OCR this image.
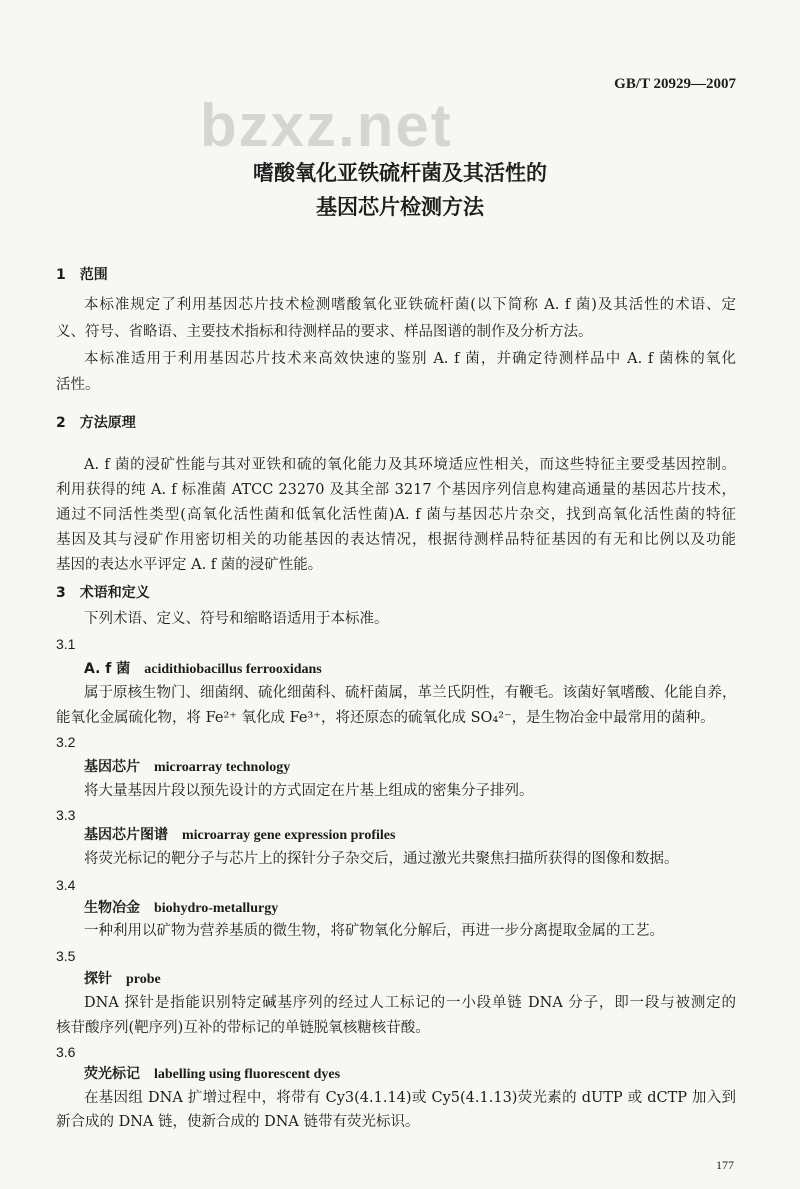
GB/T 20929—2007
bzxz.net
嗜酸氧化亚铁硫杆菌及其活性的
基因芯片检测方法
1　范围
本标准规定了利用基因芯片技术检测嗜酸氧化亚铁硫杆菌(以下简称 A. f 菌)及其活性的术语、定
义、符号、省略语、主要技术指标和待测样品的要求、样品图谱的制作及分析方法。
本标准适用于利用基因芯片技术来高效快速的鉴别 A. f 菌，并确定待测样品中 A. f 菌株的氧化
活性。
2　方法原理
A. f 菌的浸矿性能与其对亚铁和硫的氧化能力及其环境适应性相关，而这些特征主要受基因控制。
利用获得的纯 A. f 标准菌 ATCC 23270 及其全部 3217 个基因序列信息构建高通量的基因芯片技术，
通过不同活性类型(高氧化活性菌和低氧化活性菌)A. f 菌与基因芯片杂交，找到高氧化活性菌的特征
基因及其与浸矿作用密切相关的功能基因的表达情况，根据待测样品特征基因的有无和比例以及功能
基因的表达水平评定 A. f 菌的浸矿性能。
3　术语和定义
下列术语、定义、符号和缩略语适用于本标准。
3.1
A. f 菌 acidithiobacillus ferrooxidans
属于原核生物门、细菌纲、硫化细菌科、硫杆菌属，革兰氏阴性，有鞭毛。该菌好氧嗜酸、化能自养，
能氧化金属硫化物，将 Fe²⁺ 氧化成 Fe³⁺，将还原态的硫氧化成 SO₄²⁻，是生物冶金中最常用的菌种。
3.2
基因芯片 microarray technology
将大量基因片段以预先设计的方式固定在片基上组成的密集分子排列。
3.3
基因芯片图谱 microarray gene expression profiles
将荧光标记的靶分子与芯片上的探针分子杂交后，通过激光共聚焦扫描所获得的图像和数据。
3.4
生物冶金 biohydro-metallurgy
一种利用以矿物为营养基质的微生物，将矿物氧化分解后，再进一步分离提取金属的工艺。
3.5
探针 probe
DNA 探针是指能识别特定碱基序列的经过人工标记的一小段单链 DNA 分子，即一段与被测定的
核苷酸序列(靶序列)互补的带标记的单链脱氧核糖核苷酸。
3.6
荧光标记 labelling using fluorescent dyes
在基因组 DNA 扩增过程中，将带有 Cy3(4.1.14)或 Cy5(4.1.13)荧光素的 dUTP 或 dCTP 加入到
新合成的 DNA 链，使新合成的 DNA 链带有荧光标识。
177
